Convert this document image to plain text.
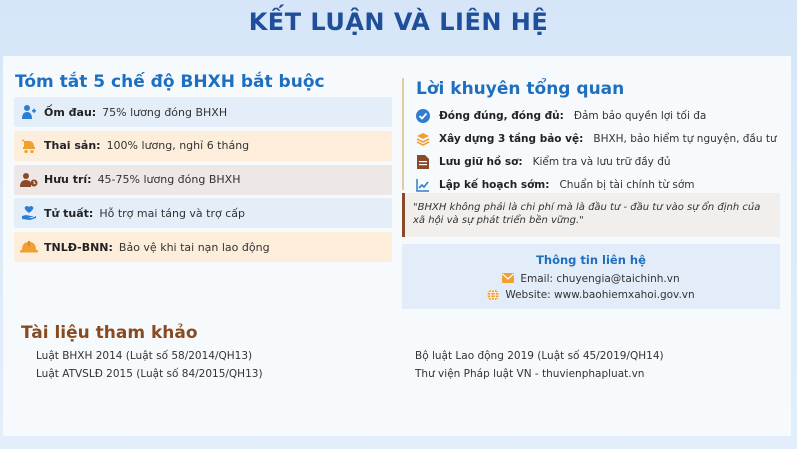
KẾT LUẬN VÀ LIÊN HỆ
Tóm tắt 5 chế độ BHXH bắt buộc
Ốm đau: 75% lương đóng BHXH
Thai sản: 100% lương, nghỉ 6 tháng
Hưu trí: 45-75% lương đóng BHXH
Tử tuất: Hỗ trợ mai táng và trợ cấp
TNLĐ-BNN: Bảo vệ khi tai nạn lao động
Lời khuyên tổng quan
Đóng đúng, đóng đủ: Đảm bảo quyền lợi tối đa
Xây dựng 3 tầng bảo vệ: BHXH, bảo hiểm tự nguyện, đầu tư
Lưu giữ hồ sơ: Kiểm tra và lưu trữ đầy đủ
Lập kế hoạch sớm: Chuẩn bị tài chính từ sớm
"BHXH không phải là chi phí mà là đầu tư - đầu tư vào sự ổn định của xã hội và sự phát triển bền vững."
Thông tin liên hệ
Email: chuyengia@taichinh.vn
Website: www.baohiemxahoi.gov.vn
Tài liệu tham khảo
Luật BHXH 2014 (Luật số 58/2014/QH13)
Luật ATVSLĐ 2015 (Luật số 84/2015/QH13)
Bộ luật Lao động 2019 (Luật số 45/2019/QH14)
Thư viện Pháp luật VN - thuvienphapluat.vn
